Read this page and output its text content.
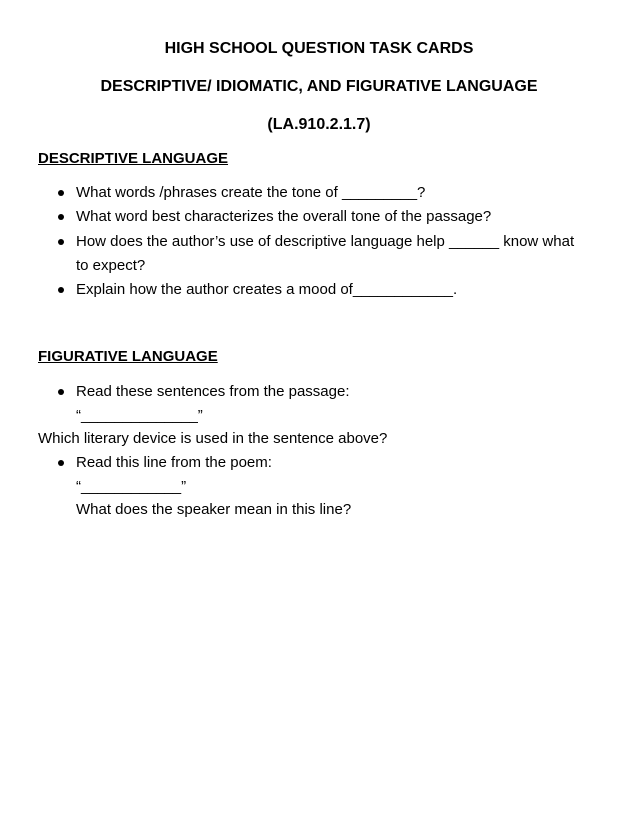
HIGH SCHOOL QUESTION TASK CARDS
DESCRIPTIVE/ IDIOMATIC, AND FIGURATIVE LANGUAGE
(LA.910.2.1.7)
DESCRIPTIVE LANGUAGE
What words /phrases create the tone of _________?
What word best characterizes the overall tone of the passage?
How does the author’s use of descriptive language help ______ know what
to expect?
Explain how the author creates a mood of____________.
FIGURATIVE LANGUAGE
Read these sentences from the passage:
“______________”
Which literary device is used in the sentence above?
Read this line from the poem:
“____________”
What does the speaker mean in this line?
